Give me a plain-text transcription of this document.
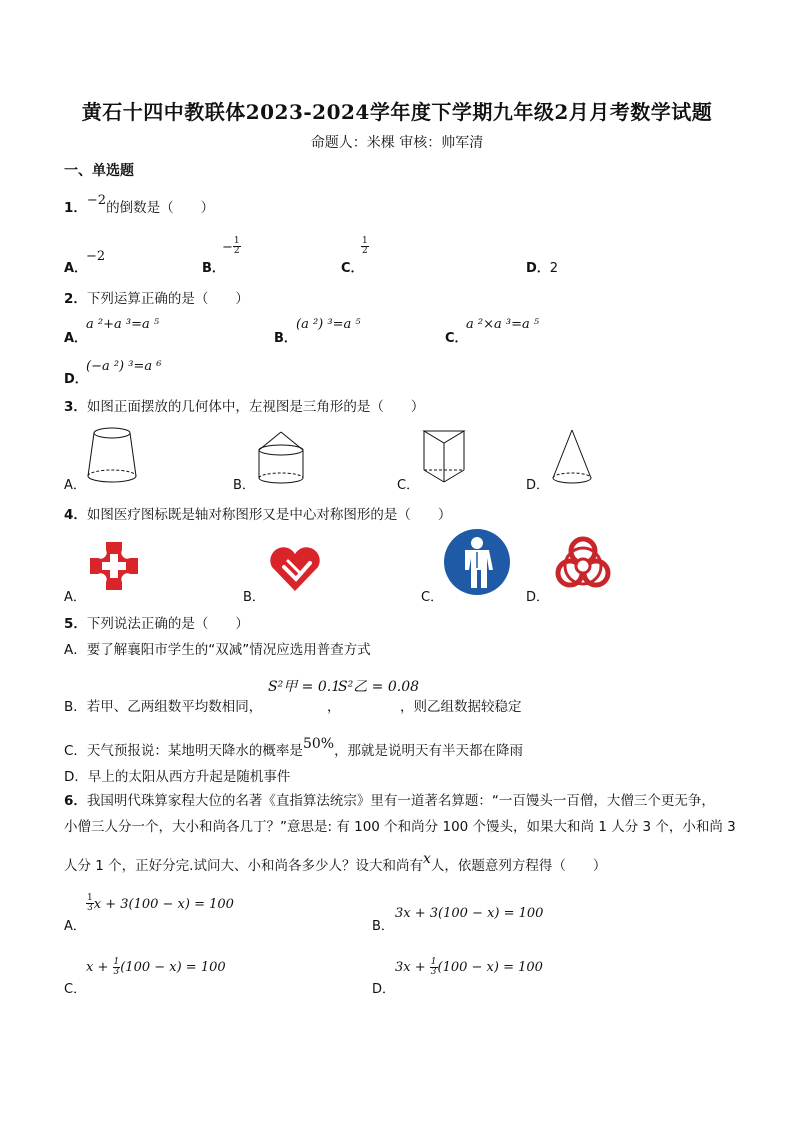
黄石十四中教联体2023-2024学年度下学期九年级2月月考数学试题
命题人：米棵 审核：帅军清
一、单选题
1．−2的倒数是（　　）
A．
−2
B．
− $\frac{1}{2}$
C．
$\frac{1}{2}$
D．2
2．下列运算正确的是（　　）
A．
a ²+a ³=a ⁵
B．
(a ²) ³=a ⁵
C．
a ²×a ³=a ⁵
D．
(−a ²) ³=a ⁶
3．如图正面摆放的几何体中，左视图是三角形的是（　　）
A．	B．	C．	D．
4．如图医疗图标既是轴对称图形又是中心对称图形的是（　　）
A．	B．	C．	D．
5．下列说法正确的是（　　）
A．要了解襄阳市学生的“双减”情况应选用普查方式
B．若甲、乙两组数平均数相同，
S²甲 = 0.1
，
S²乙 = 0.08
，则乙组数据较稳定
C．天气预报说：某地明天降水的概率是50%，那就是说明天有半天都在降雨
D．早上的太阳从西方升起是随机事件
6．我国明代珠算家程大位的名著《直指算法统宗》里有一道著名算题：“一百馒头一百僧，大僧三个更无争，
小僧三人分一个，大小和尚各几丁？”意思是: 有 100 个和尚分 100 个馒头，如果大和尚 1 人分 3 个，小和尚 3
人分 1 个，正好分完.试问大、小和尚各多少人？设大和尚有x人，依题意列方程得（　　）
A．
$\frac{1}{3}$ x + 3(100 − x) = 100
B．
3x + 3(100 − x) = 100
C．
$x + \frac{1}{3} (100 - x) = 100$
D．
$3x + \frac{1}{3} (100 - x) = 100$
